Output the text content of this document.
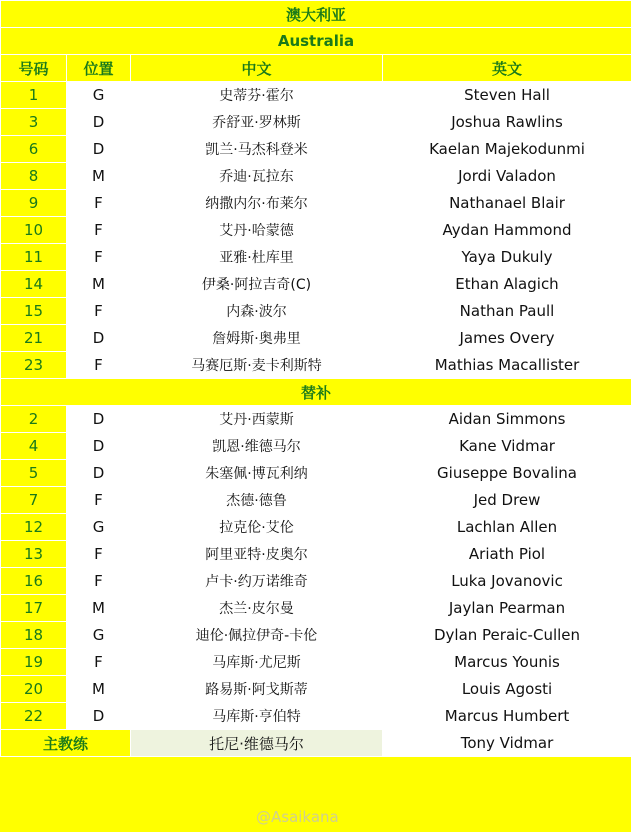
澳大利亚			
Australia			
号码	位置	中文	英文
1	G	史蒂芬·霍尔	Steven Hall
3	D	乔舒亚·罗林斯	Joshua Rawlins
6	D	凯兰·马杰科登米	Kaelan Majekodunmi
8	M	乔迪·瓦拉东	Jordi Valadon
9	F	纳撒内尔·布莱尔	Nathanael Blair
10	F	艾丹·哈蒙德	Aydan Hammond
11	F	亚雅·杜库里	Yaya Dukuly
14	M	伊桑·阿拉吉奇(C)	Ethan Alagich
15	F	内森·波尔	Nathan Paull
21	D	詹姆斯·奥弗里	James Overy
23	F	马赛厄斯·麦卡利斯特	Mathias Macallister
替补			
2	D	艾丹·西蒙斯	Aidan Simmons
4	D	凯恩·维德马尔	Kane Vidmar
5	D	朱塞佩·博瓦利纳	Giuseppe Bovalina
7	F	杰德·德鲁	Jed Drew
12	G	拉克伦·艾伦	Lachlan Allen
13	F	阿里亚特·皮奥尔	Ariath Piol
16	F	卢卡·约万诺维奇	Luka Jovanovic
17	M	杰兰·皮尔曼	Jaylan Pearman
18	G	迪伦·佩拉伊奇-卡伦	Dylan Peraic-Cullen
19	F	马库斯·尤尼斯	Marcus Younis
20	M	路易斯·阿戈斯蒂	Louis Agosti
22	D	马库斯·亨伯特	Marcus Humbert
主教练		托尼·维德马尔	Tony Vidmar
@Asaikana
